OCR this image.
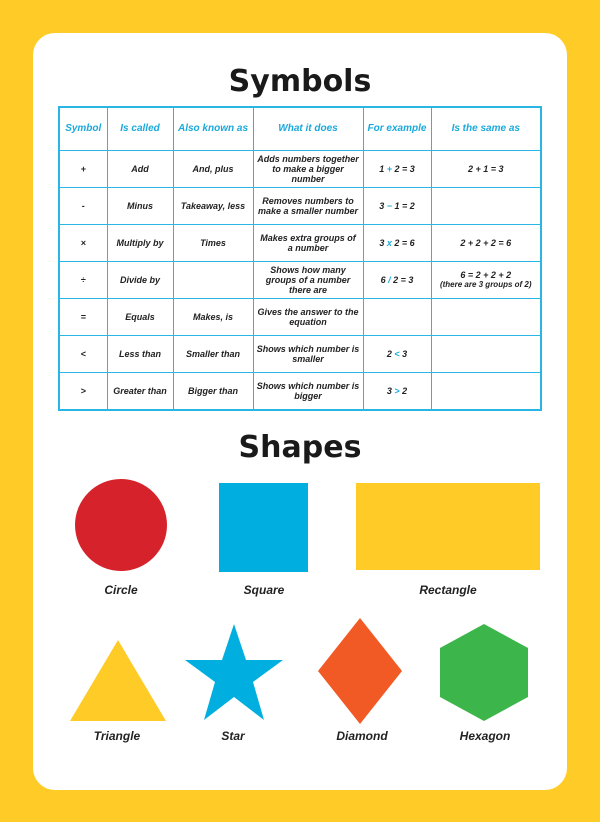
Symbols
Symbol	Is called	Also known as	What it does	For example	Is the same as
+	Add	And, plus	Adds numbers together to make a bigger number	1 + 2 = 3	2 + 1 = 3

-	Minus	Takeaway, less	Removes numbers to make a smaller number	3 − 1 = 2	

×	Multiply by	Times	Makes extra groups of a number	3 x 2 = 6	2 + 2 + 2 = 6

÷	Divide by		Shows how many groups of a number there are	6 / 2 = 3	6 = 2 + 2 + 2
(there are 3 groups of 2)

=	Equals	Makes, is	Gives the answer to the equation		

<	Less than	Smaller than	Shows which number is smaller	2 < 3	

>	Greater than	Bigger than	Shows which number is bigger	3 > 2	
Shapes
Circle	Square	Rectangle
Triangle	Star	Diamond	Hexagon
